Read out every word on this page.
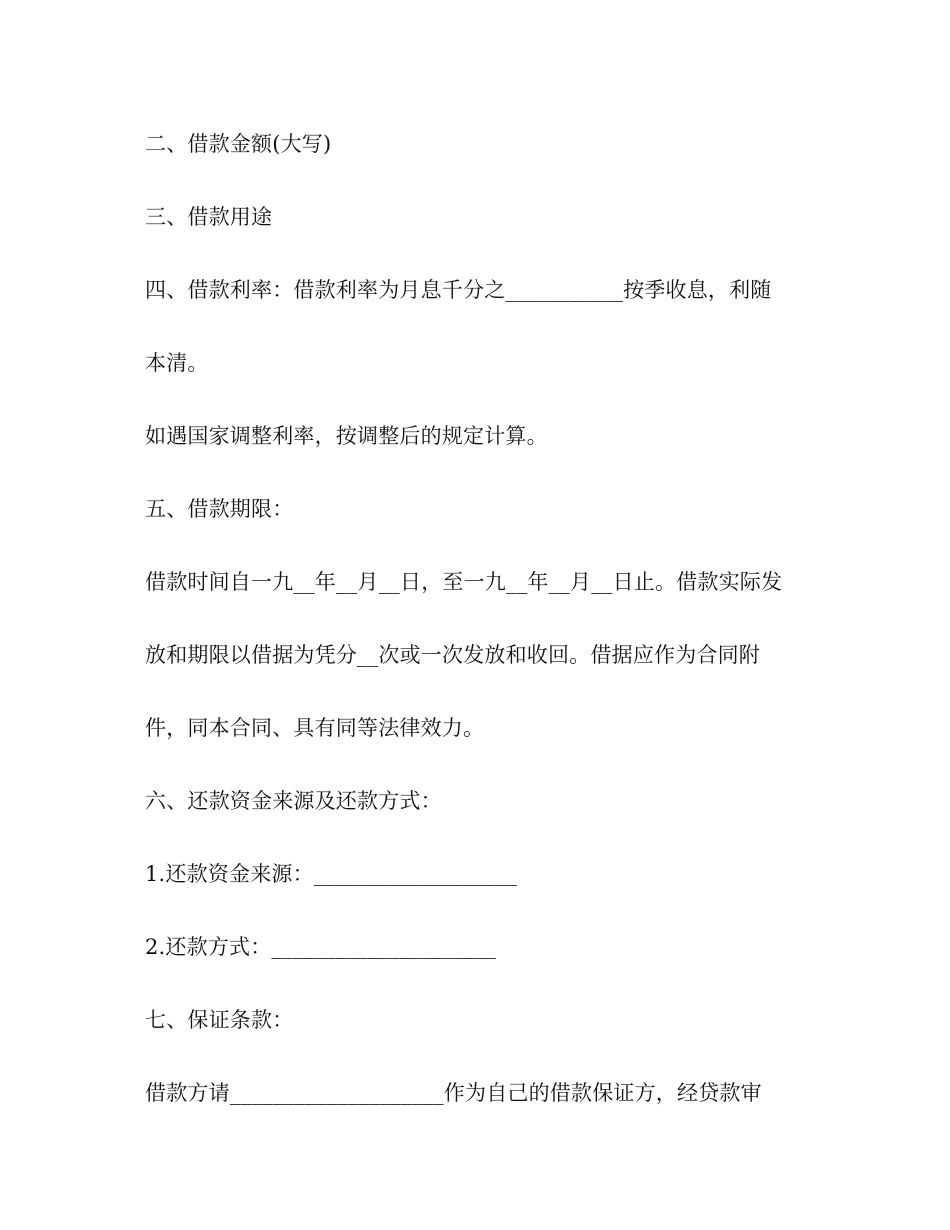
二、借款金额(大写)

三、借款用途

四、借款利率：借款利率为月息千分之___________按季收息，利随

本清。

如遇国家调整利率，按调整后的规定计算。

五、借款期限：

借款时间自一九__年__月__日，至一九__年__月__日止。借款实际发

放和期限以借据为凭分__次或一次发放和收回。借据应作为合同附

件，同本合同、具有同等法律效力。

六、还款资金来源及还款方式：

1.还款资金来源：___________________

2.还款方式：_____________________

七、保证条款：

借款方请____________________作为自己的借款保证方，经贷款审
